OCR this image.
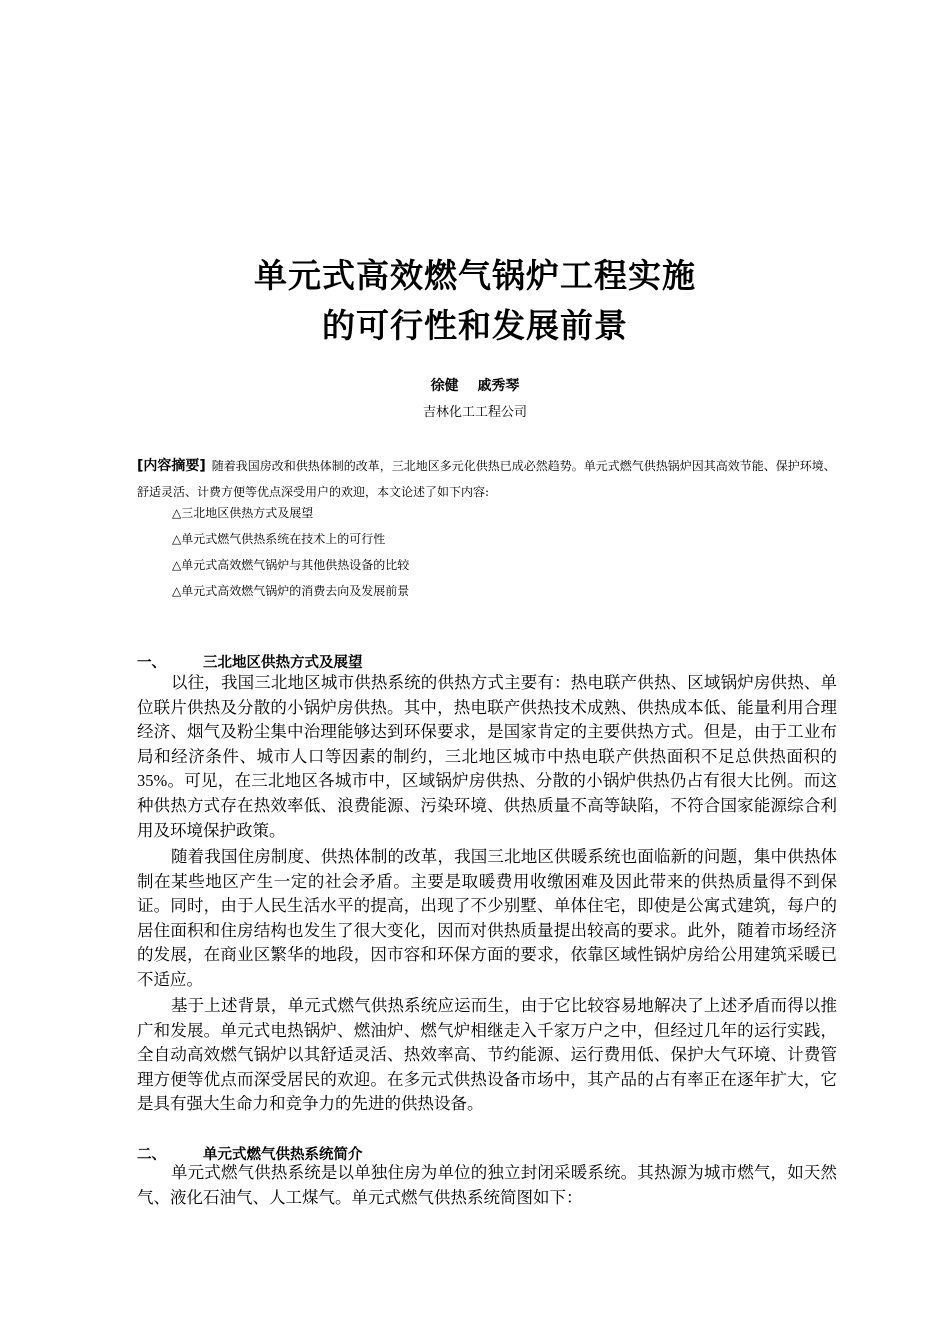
单元式高效燃气锅炉工程实施
的可行性和发展前景
徐健 戚秀琴
吉林化工工程公司
[内容摘要] 随着我国房改和供热体制的改革，三北地区多元化供热已成必然趋势。单元式燃气供热锅炉因其高效节能、保护环境、舒适灵活、计费方便等优点深受用户的欢迎，本文论述了如下内容:
△三北地区供热方式及展望
△单元式燃气供热系统在技术上的可行性
△单元式高效燃气锅炉与其他供热设备的比较
△单元式高效燃气锅炉的消费去向及发展前景
一、	三北地区供热方式及展望

以往，我国三北地区城市供热系统的供热方式主要有：热电联产供热、区域锅炉房供热、单位联片供热及分散的小锅炉房供热。其中，热电联产供热技术成熟、供热成本低、能量利用合理经济、烟气及粉尘集中治理能够达到环保要求，是国家肯定的主要供热方式。但是，由于工业布局和经济条件、城市人口等因素的制约，三北地区城市中热电联产供热面积不足总供热面积的35%。可见，在三北地区各城市中，区域锅炉房供热、分散的小锅炉供热仍占有很大比例。而这种供热方式存在热效率低、浪费能源、污染环境、供热质量不高等缺陷，不符合国家能源综合利用及环境保护政策。

随着我国住房制度、供热体制的改革，我国三北地区供暖系统也面临新的问题，集中供热体制在某些地区产生一定的社会矛盾。主要是取暖费用收缴困难及因此带来的供热质量得不到保证。同时，由于人民生活水平的提高，出现了不少别墅、单体住宅，即使是公寓式建筑，每户的居住面积和住房结构也发生了很大变化，因而对供热质量提出较高的要求。此外，随着市场经济的发展，在商业区繁华的地段，因市容和环保方面的要求，依靠区域性锅炉房给公用建筑采暖已不适应。

基于上述背景，单元式燃气供热系统应运而生，由于它比较容易地解决了上述矛盾而得以推广和发展。单元式电热锅炉、燃油炉、燃气炉相继走入千家万户之中，但经过几年的运行实践，全自动高效燃气锅炉以其舒适灵活、热效率高、节约能源、运行费用低、保护大气环境、计费管理方便等优点而深受居民的欢迎。在多元式供热设备市场中，其产品的占有率正在逐年扩大，它是具有强大生命力和竞争力的先进的供热设备。

二、	单元式燃气供热系统简介

单元式燃气供热系统是以单独住房为单位的独立封闭采暖系统。其热源为城市燃气，如天然气、液化石油气、人工煤气。单元式燃气供热系统简图如下：
